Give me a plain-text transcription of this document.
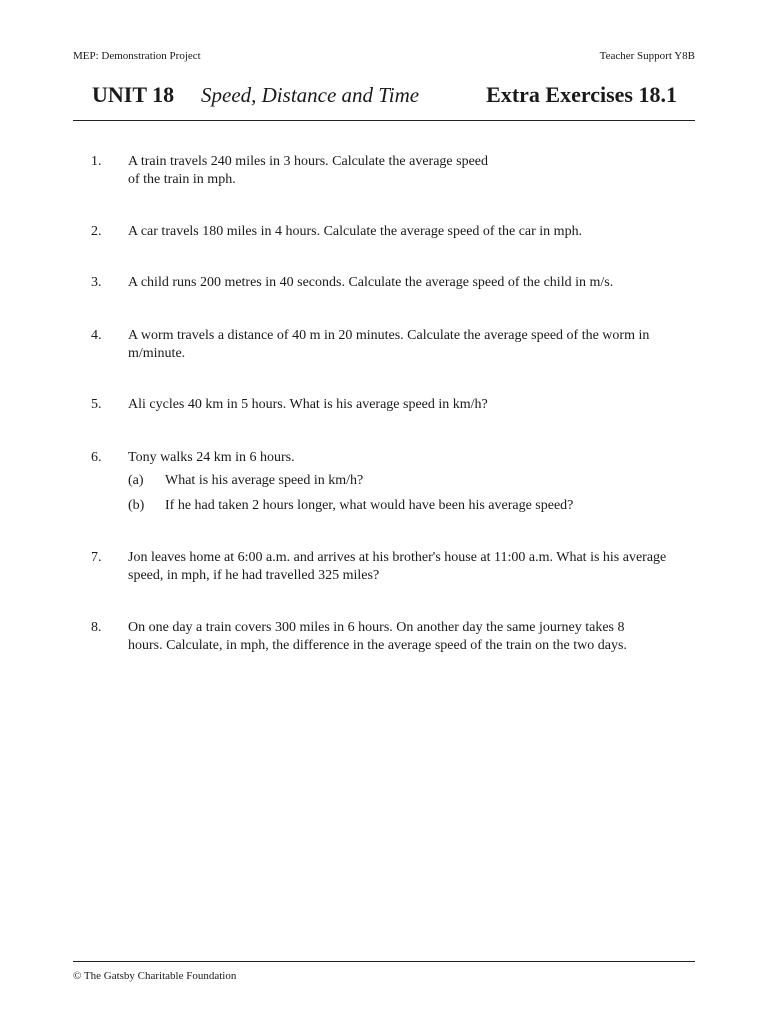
MEP: Demonstration Project	Teacher Support Y8B
UNIT 18 Speed, Distance and Time	Extra Exercises 18.1
1. A train travels 240 miles in 3 hours. Calculate the average speed of the train in mph.
2. A car travels 180 miles in 4 hours. Calculate the average speed of the car in mph.
3. A child runs 200 metres in 40 seconds. Calculate the average speed of the child in m/s.
4. A worm travels a distance of 40 m in 20 minutes. Calculate the average speed of the worm in m/minute.
5. Ali cycles 40 km in 5 hours. What is his average speed in km/h?
6. Tony walks 24 km in 6 hours.
(a) What is his average speed in km/h?
(b) If he had taken 2 hours longer, what would have been his average speed?
7. Jon leaves home at 6:00 a.m. and arrives at his brother's house at 11:00 a.m. What is his average speed, in mph, if he had travelled 325 miles?
8. On one day a train covers 300 miles in 6 hours. On another day the same journey takes 8 hours. Calculate, in mph, the difference in the average speed of the train on the two days.
© The Gatsby Charitable Foundation
